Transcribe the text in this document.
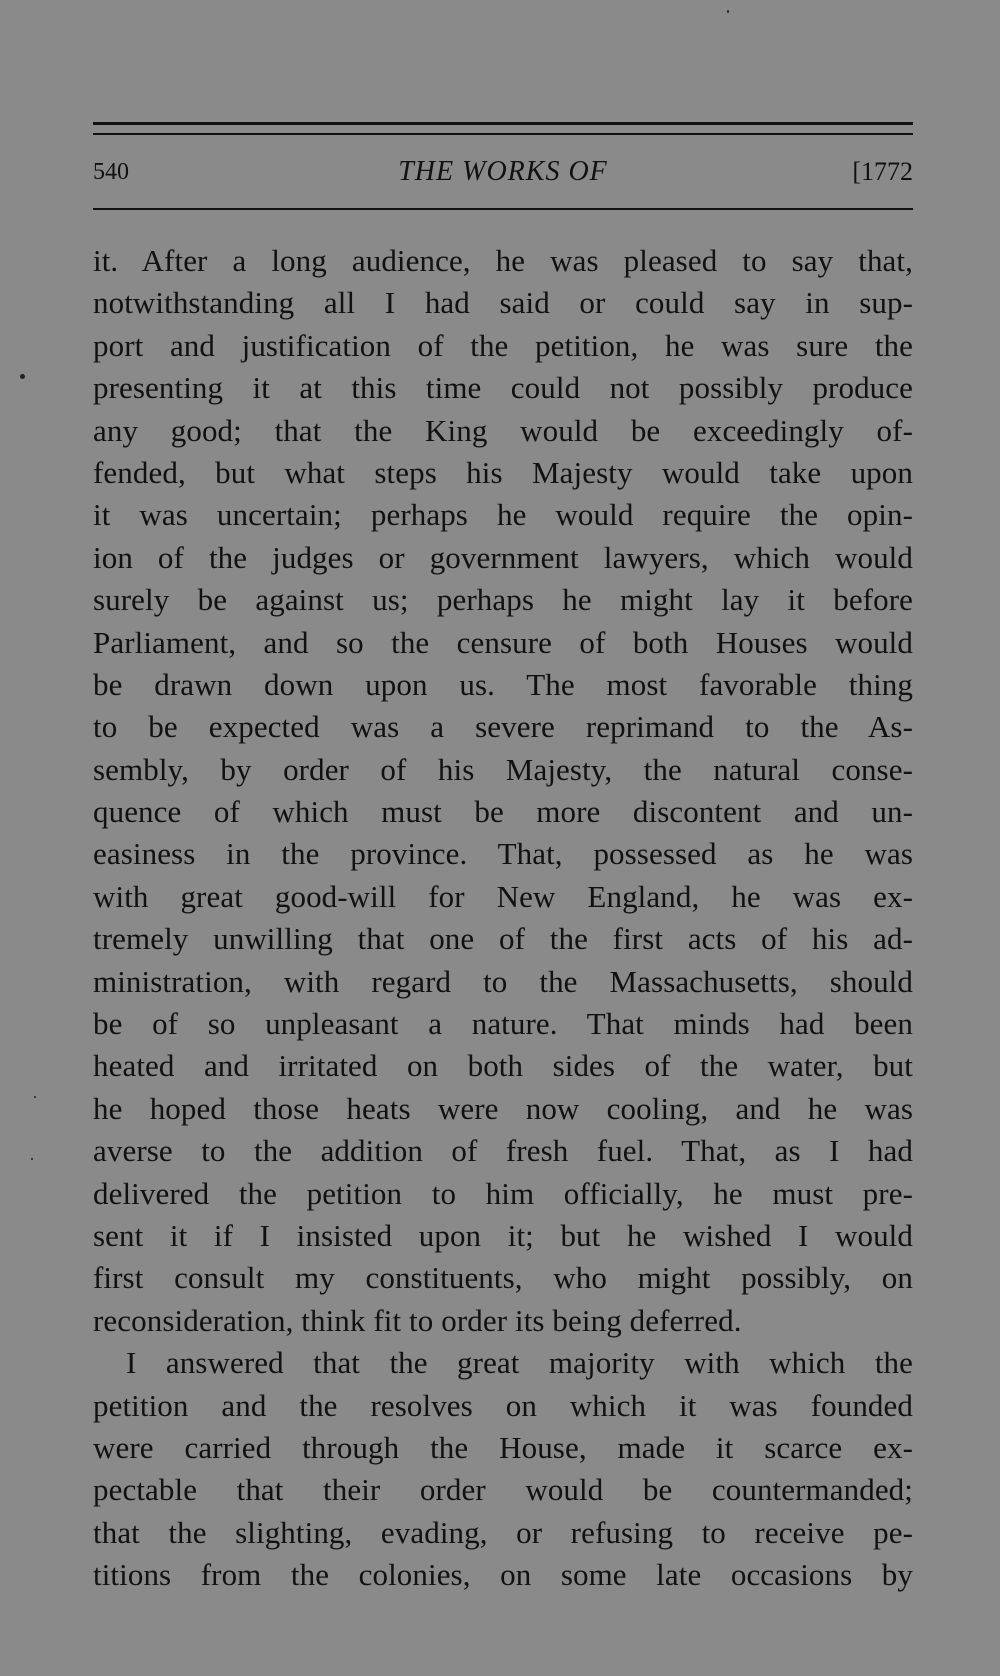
540	THE WORKS OF	[1772
it. After a long audience, he was pleased to say that,
notwithstanding all I had said or could say in sup-
port and justification of the petition, he was sure the
presenting it at this time could not possibly produce
any good; that the King would be exceedingly of-
fended, but what steps his Majesty would take upon
it was uncertain; perhaps he would require the opin-
ion of the judges or government lawyers, which would
surely be against us; perhaps he might lay it before
Parliament, and so the censure of both Houses would
be drawn down upon us. The most favorable thing
to be expected was a severe reprimand to the As-
sembly, by order of his Majesty, the natural conse-
quence of which must be more discontent and un-
easiness in the province. That, possessed as he was
with great good-will for New England, he was ex-
tremely unwilling that one of the first acts of his ad-
ministration, with regard to the Massachusetts, should
be of so unpleasant a nature. That minds had been
heated and irritated on both sides of the water, but
he hoped those heats were now cooling, and he was
averse to the addition of fresh fuel. That, as I had
delivered the petition to him officially, he must pre-
sent it if I insisted upon it; but he wished I would
first consult my constituents, who might possibly, on
reconsideration, think fit to order its being deferred.
I answered that the great majority with which the
petition and the resolves on which it was founded
were carried through the House, made it scarce ex-
pectable that their order would be countermanded;
that the slighting, evading, or refusing to receive pe-
titions from the colonies, on some late occasions by
